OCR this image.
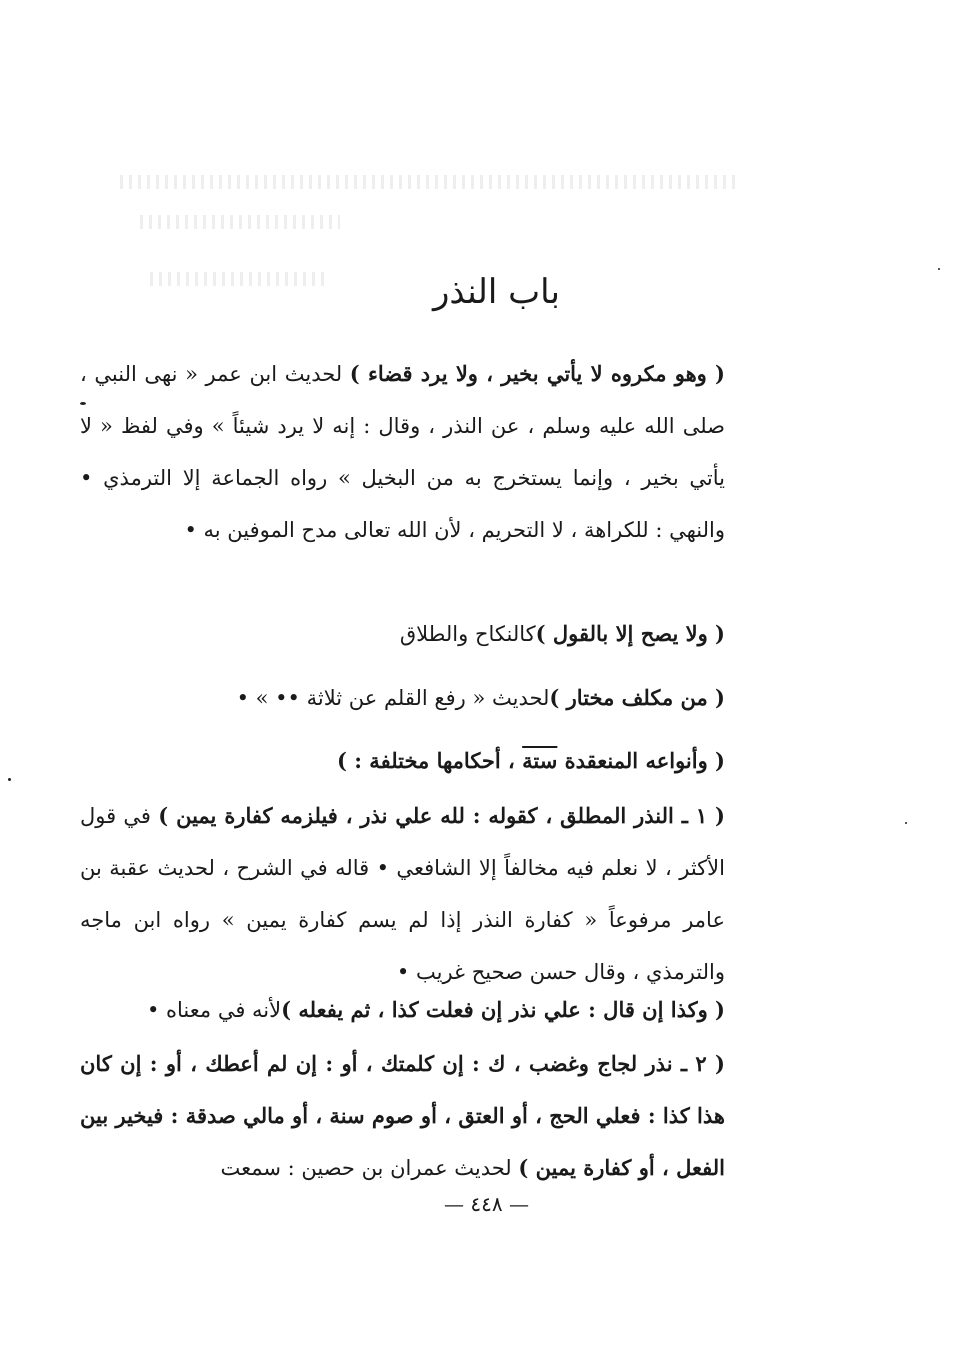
باب النذر
( وهو مكروه لا يأتي بخير ، ولا يرد قضاء ) لحديث ابن عمر « نهى النبي ، صلى الله عليه وسلم ، عن النذر ، وقال : إنه لا يرد شيئاً » وفي لفظ « لا يأتي بخير ، وإنما يستخرج به من البخيل » رواه الجماعة إلا الترمذي • والنهي : للكراهة ، لا التحريم ، لأن الله تعالى مدح الموفين به •
( ولا يصح إلا بالقول )كالنكاح والطلاق
( من مكلف مختار )لحديث « رفع القلم عن ثلاثة •• » •
( وأنواعه المنعقدة ستة ، أحكامها مختلفة : )
( ١ ـ النذر المطلق ، كقوله : لله علي نذر ، فيلزمه كفارة يمين ) في قول الأكثر ، لا نعلم فيه مخالفاً إلا الشافعي • قاله في الشرح ، لحديث عقبة بن عامر مرفوعاً « كفارة النذر إذا لم يسم كفارة يمين » رواه ابن ماجه والترمذي ، وقال حسن صحيح غريب •
( وكذا إن قال : علي نذر إن فعلت كذا ، ثم يفعله )لأنه في معناه •
( ٢ ـ نذر لجاج وغضب ، ك : إن كلمتك ، أو : إن لم أعطك ، أو : إن كان هذا كذا : فعلي الحج ، أو العتق ، أو صوم سنة ، أو مالي صدقة : فيخير بين الفعل ، أو كفارة يمين ) لحديث عمران بن حصين : سمعت
— ٤٤٨ —
